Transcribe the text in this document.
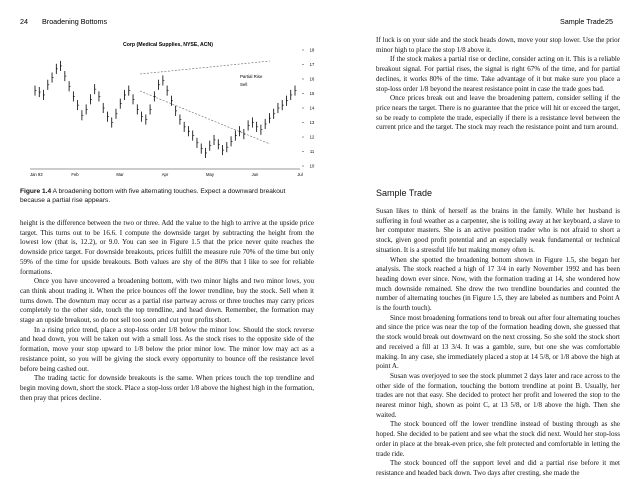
24 Broadening Bottoms	Sample Trade 25
Corp (Medical Supplies, NYSE, ACN)
18
17
16
15
14
13
12
11
10
Jan 93	Feb	Mar	Apr	May	Jun	Jul
Partial Rise
Sell
Figure 1.4 A broadening bottom with five alternating touches. Expect a downward breakout because a partial rise appears.

height is the difference between the two or three. Add the value to the high to arrive at the upside price target. This turns out to be 16.6. I compute the downside target by subtracting the height from the lowest low (that is, 12.2), or 9.0. You can see in Figure 1.5 that the price never quite reaches the downside price target. For downside breakouts, prices fulfill the measure rule 70% of the time but only 59% of the time for upside breakouts. Both values are shy of the 80% that I like to see for reliable formations.

Once you have uncovered a broadening bottom, with two minor highs and two minor lows, you can think about trading it. When the price bounces off the lower trendline, buy the stock. Sell when it turns down. The downturn may occur as a partial rise partway across or three touches may carry prices completely to the other side, touch the top trendline, and head down. Remember, the formation may stage an upside breakout, so do not sell too soon and cut your profits short.

In a rising price trend, place a stop-loss order 1/8 below the minor low. Should the stock reverse and head down, you will be taken out with a small loss. As the stock rises to the opposite side of the formation, move your stop upward to 1/8 below the prior minor low. The minor low may act as a resistance point, so you will be giving the stock every opportunity to bounce off the resistance level before being cashed out.

The trading tactic for downside breakouts is the same. When prices touch the top trendline and begin moving down, short the stock. Place a stop-loss order 1/8 above the highest high in the formation, then pray that prices decline.

If luck is on your side and the stock heads down, move your stop lower. Use the prior minor high to place the stop 1/8 above it.

If the stock makes a partial rise or decline, consider acting on it. This is a reliable breakout signal. For partial rises, the signal is right 67% of the time, and for partial declines, it works 80% of the time. Take advantage of it but make sure you place a stop-loss order 1/8 beyond the nearest resistance point in case the trade goes bad.

Once prices break out and leave the broadening pattern, consider selling if the price nears the target. There is no guarantee that the price will hit or exceed the target, so be ready to complete the trade, especially if there is a resistance level between the current price and the target. The stock may reach the resistance point and turn around.

Sample Trade

Susan likes to think of herself as the brains in the family. While her husband is suffering in foul weather as a carpenter, she is toiling away at her keyboard, a slave to her computer masters. She is an active position trader who is not afraid to short a stock, given good profit potential and an especially weak fundamental or technical situation. It is a stressful life but making money often is.

When she spotted the broadening bottom shown in Figure 1.5, she began her analysis. The stock reached a high of 17 3/4 in early November 1992 and has been heading down ever since. Now, with the formation trading at 14, she wondered how much downside remained. She drew the two trendline boundaries and counted the number of alternating touches (in Figure 1.5, they are labeled as numbers and Point A is the fourth touch).

Since most broadening formations tend to break out after four alternating touches and since the price was near the top of the formation heading down, she guessed that the stock would break out downward on the next crossing. So she sold the stock short and received a fill at 13 3/4. It was a gamble, sure, but one she was comfortable making. In any case, she immediately placed a stop at 14 5/8, or 1/8 above the high at point A.

Susan was overjoyed to see the stock plummet 2 days later and race across to the other side of the formation, touching the bottom trendline at point B. Usually, her trades are not that easy. She decided to protect her profit and lowered the stop to the nearest minor high, shown as point C, at 13 5/8, or 1/8 above the high. Then she waited.

The stock bounced off the lower trendline instead of busting through as she hoped. She decided to be patient and see what the stock did next. Would her stop-loss order in place at the break-even price, she felt protected and comfortable in letting the trade ride.

The stock bounced off the support level and did a partial rise before it met resistance and headed back down. Two days after cresting, she made the
